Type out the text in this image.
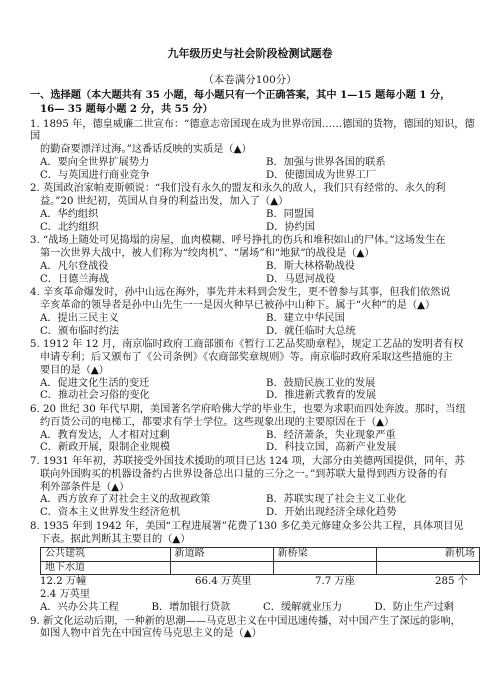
九年级历史与社会阶段检测试题卷
（本卷满分100分）
一、选择题（本大题共有 35 小题，每小题只有一个正确答案，其中 1—15 题每小题 1 分，
16— 35 题每小题 2 分，共 55 分）
1. 1895 年，德皇威廉二世宣布：“德意志帝国现在成为世界帝国……德国的货物，德国的知识，德国
的勤奋要漂洋过海。”这番话反映的实质是（▲）
A．要向全世界扩展势力	B．加强与世界各国的联系
C．与英国进行商业竞争	D．使德国成为世界工厂
2. 英国政治家帕麦斯顿说：“我们没有永久的盟友和永久的敌人，我们只有经常的、永久的利
益。”20 世纪初，英国从自身的利益出发，加入了（▲）
A．华约组织	B．同盟国
C．北约组织	D．协约国
3. “战场上随处可见捣塌的房屋，血肉模糊、呼号挣扎的伤兵和堆积如山的尸体。”这场发生在
第一次世界大战中，被人们称为“绞肉机”、“屠场”和“地狱”的战役是（▲）
A．凡尔登战役	B．斯大林格勒战役
C．日德兰海战	D．马恩河战役
4. 辛亥革命爆发时，孙中山远在海外，事先并未料到会发生，更不曾参与其事，但我们依然说
辛亥革命的领导者是孙中山先生一一是因火种早已被孙中山种下。属于“火种”的是（▲）
A．提出三民主义	B．建立中华民国
C．颁布临时约法	D．就任临时大总统
5. 1912 年 12 月，南京临时政府工商部颁布《暂行工艺品奖励章程》，规定工艺品的发明者有权
申请专利；后又颁布了《公司条例》《农商部奖章规则》等。南京临时政府采取这些措施的主
要目的是（▲）
A．促进文化生活的变迁	B．鼓励民族工业的发展
C．推动社会习俗的变化	D．推进新式教育的发展
6. 20 世纪 30 年代早期，美国著名学府哈佛大学的毕业生，也要为求职而四处奔波。那时，当纽
约百货公司的电梯工，都要求有学士学位。这些现象出现的主要原因在于（▲）
A．教育发达，人才相对过剩	B．经济萧条，失业现象严重
C．新政开展，限制企业规模	D．科技立国，高新产业发展
7. 1931 年年初，苏联接受外国技术援助的项目已达 124 项，大部分由美德两国提供，同年，苏
联向外国购买的机器设备约占世界设备总出口量的三分之一。”到苏联大量得到西方设备的有
利外部条件是（▲）
A．西方放弃了对社会主义的敌视政策	B．苏联实现了社会主义工业化
C．资本主义世界发生经济危机	D．开始出现经济全球化趋势
8. 1935 年到 1942 年，美国“工程进展署”花费了130 多亿美元修建众多公共工程，具体项目见
下表。据此判断其主要目的（▲）
公共建筑	新道路	新桥梁	新机场
地下水道			
12.2 万幢	66.4 万英里	7.7 万座	285 个
2.4 万英里
A．兴办公共工程	B．增加银行贷款	C．缓解就业压力	D．防止生产过剩
9. 新文化运动后期，一种新的思潮——马克思主义在中国迅速传播，对中国产生了深远的影响，
如图人物中首先在中国宣传马克思主义的是（▲）
